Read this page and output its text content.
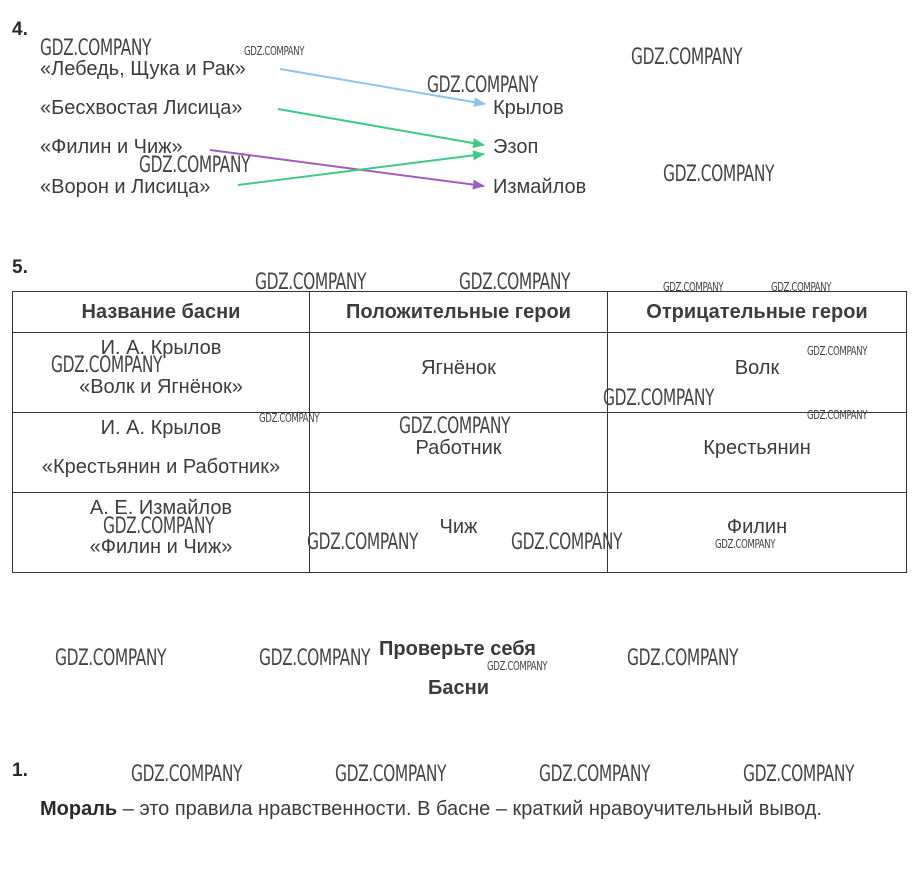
4.
«Лебедь, Щука и Рак»
«Бесхвостая Лисица»
«Филин и Чиж»
«Ворон и Лисица»
Крылов
Эзоп
Измайлов
5.
Название басни	Положительные герои	Отрицательные герои

И. А. Крылов
«Волк и Ягнёнок»	Ягнёнок	Волк

И. А. Крылов
«Крестьянин и Работник»	Работник	Крестьянин

А. Е. Измайлов
«Филин и Чиж»	Чиж	Филин
Проверьте себя
Басни
1.
Мораль – это правила нравственности. В басне – краткий нравоучительный вывод.
GDZ.COMPANY	GDZ.COMPANY
GDZ.COMPANY
GDZ.COMPANY
GDZ.COMPANY	GDZ.COMPANY
GDZ.COMPANY	GDZ.COMPANY	GDZ.COMPANY	GDZ.COMPANY
GDZ.COMPANY
GDZ.COMPANY
GDZ.COMPANY
GDZ.COMPANY	GDZ.COMPANY
GDZ.COMPANY
GDZ.COMPANY
GDZ.COMPANY	GDZ.COMPANY	GDZ.COMPANY
GDZ.COMPANY	GDZ.COMPANY	GDZ.COMPANY	GDZ.COMPANY
GDZ.COMPANY	GDZ.COMPANY	GDZ.COMPANY	GDZ.COMPANY
